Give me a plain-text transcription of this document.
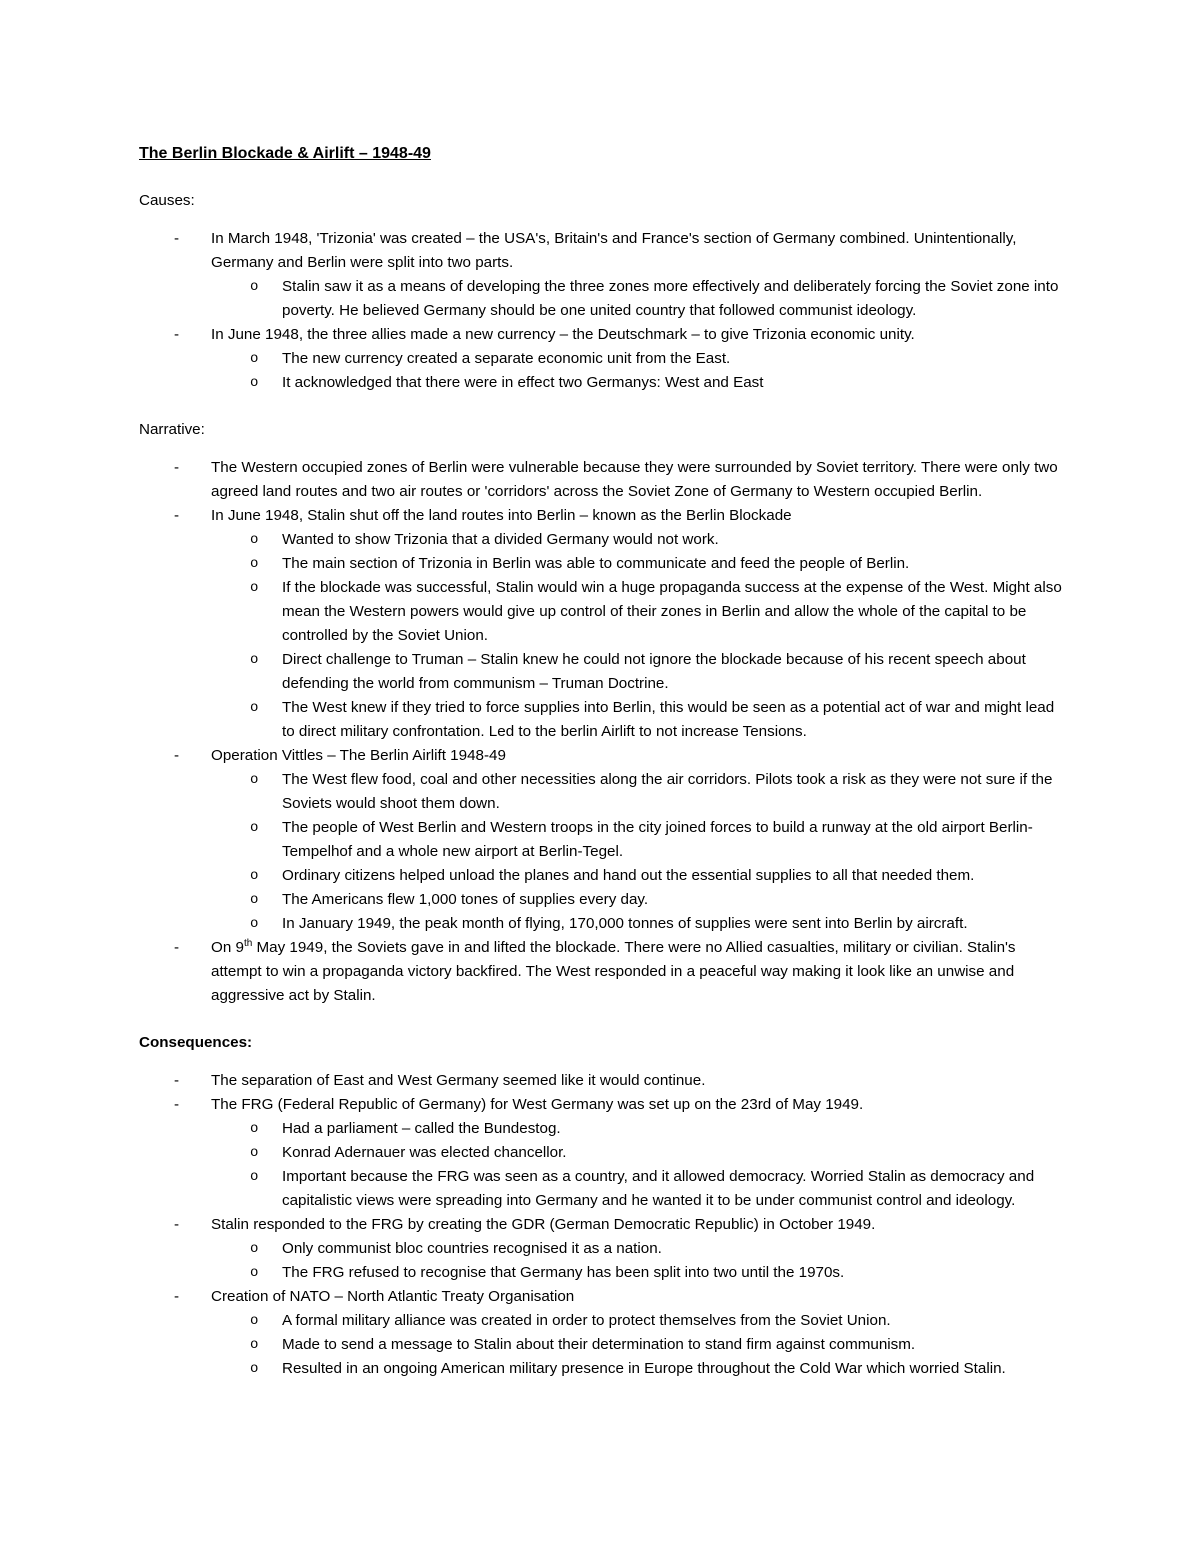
The Berlin Blockade & Airlift – 1948-49

Causes:
- In March 1948, 'Trizonia' was created – the USA's, Britain's and France's section of Germany combined. Unintentionally, Germany and Berlin were split into two parts.
o Stalin saw it as a means of developing the three zones more effectively and deliberately forcing the Soviet zone into poverty. He believed Germany should be one united country that followed communist ideology.
- In June 1948, the three allies made a new currency – the Deutschmark – to give Trizonia economic unity.
o The new currency created a separate economic unit from the East.
o It acknowledged that there were in effect two Germanys: West and East
Narrative:
- The Western occupied zones of Berlin were vulnerable because they were surrounded by Soviet territory. There were only two agreed land routes and two air routes or 'corridors' across the Soviet Zone of Germany to Western occupied Berlin.
- In June 1948, Stalin shut off the land routes into Berlin – known as the Berlin Blockade
o Wanted to show Trizonia that a divided Germany would not work.
o The main section of Trizonia in Berlin was able to communicate and feed the people of Berlin.
o If the blockade was successful, Stalin would win a huge propaganda success at the expense of the West. Might also mean the Western powers would give up control of their zones in Berlin and allow the whole of the capital to be controlled by the Soviet Union.
o Direct challenge to Truman – Stalin knew he could not ignore the blockade because of his recent speech about defending the world from communism – Truman Doctrine.
o The West knew if they tried to force supplies into Berlin, this would be seen as a potential act of war and might lead to direct military confrontation. Led to the berlin Airlift to not increase Tensions.
- Operation Vittles – The Berlin Airlift 1948-49
o The West flew food, coal and other necessities along the air corridors. Pilots took a risk as they were not sure if the Soviets would shoot them down.
o The people of West Berlin and Western troops in the city joined forces to build a runway at the old airport Berlin-Tempelhof and a whole new airport at Berlin-Tegel.
o Ordinary citizens helped unload the planes and hand out the essential supplies to all that needed them.
o The Americans flew 1,000 tones of supplies every day.
o In January 1949, the peak month of flying, 170,000 tonnes of supplies were sent into Berlin by aircraft.
- On 9th May 1949, the Soviets gave in and lifted the blockade. There were no Allied casualties, military or civilian. Stalin's attempt to win a propaganda victory backfired. The West responded in a peaceful way making it look like an unwise and aggressive act by Stalin.
Consequences:
- The separation of East and West Germany seemed like it would continue.
- The FRG (Federal Republic of Germany) for West Germany was set up on the 23rd of May 1949.
o Had a parliament – called the Bundestog.
o Konrad Adernauer was elected chancellor.
o Important because the FRG was seen as a country, and it allowed democracy. Worried Stalin as democracy and capitalistic views were spreading into Germany and he wanted it to be under communist control and ideology.
- Stalin responded to the FRG by creating the GDR (German Democratic Republic) in October 1949.
o Only communist bloc countries recognised it as a nation.
o The FRG refused to recognise that Germany has been split into two until the 1970s.
- Creation of NATO – North Atlantic Treaty Organisation
o A formal military alliance was created in order to protect themselves from the Soviet Union.
o Made to send a message to Stalin about their determination to stand firm against communism.
o Resulted in an ongoing American military presence in Europe throughout the Cold War which worried Stalin.
